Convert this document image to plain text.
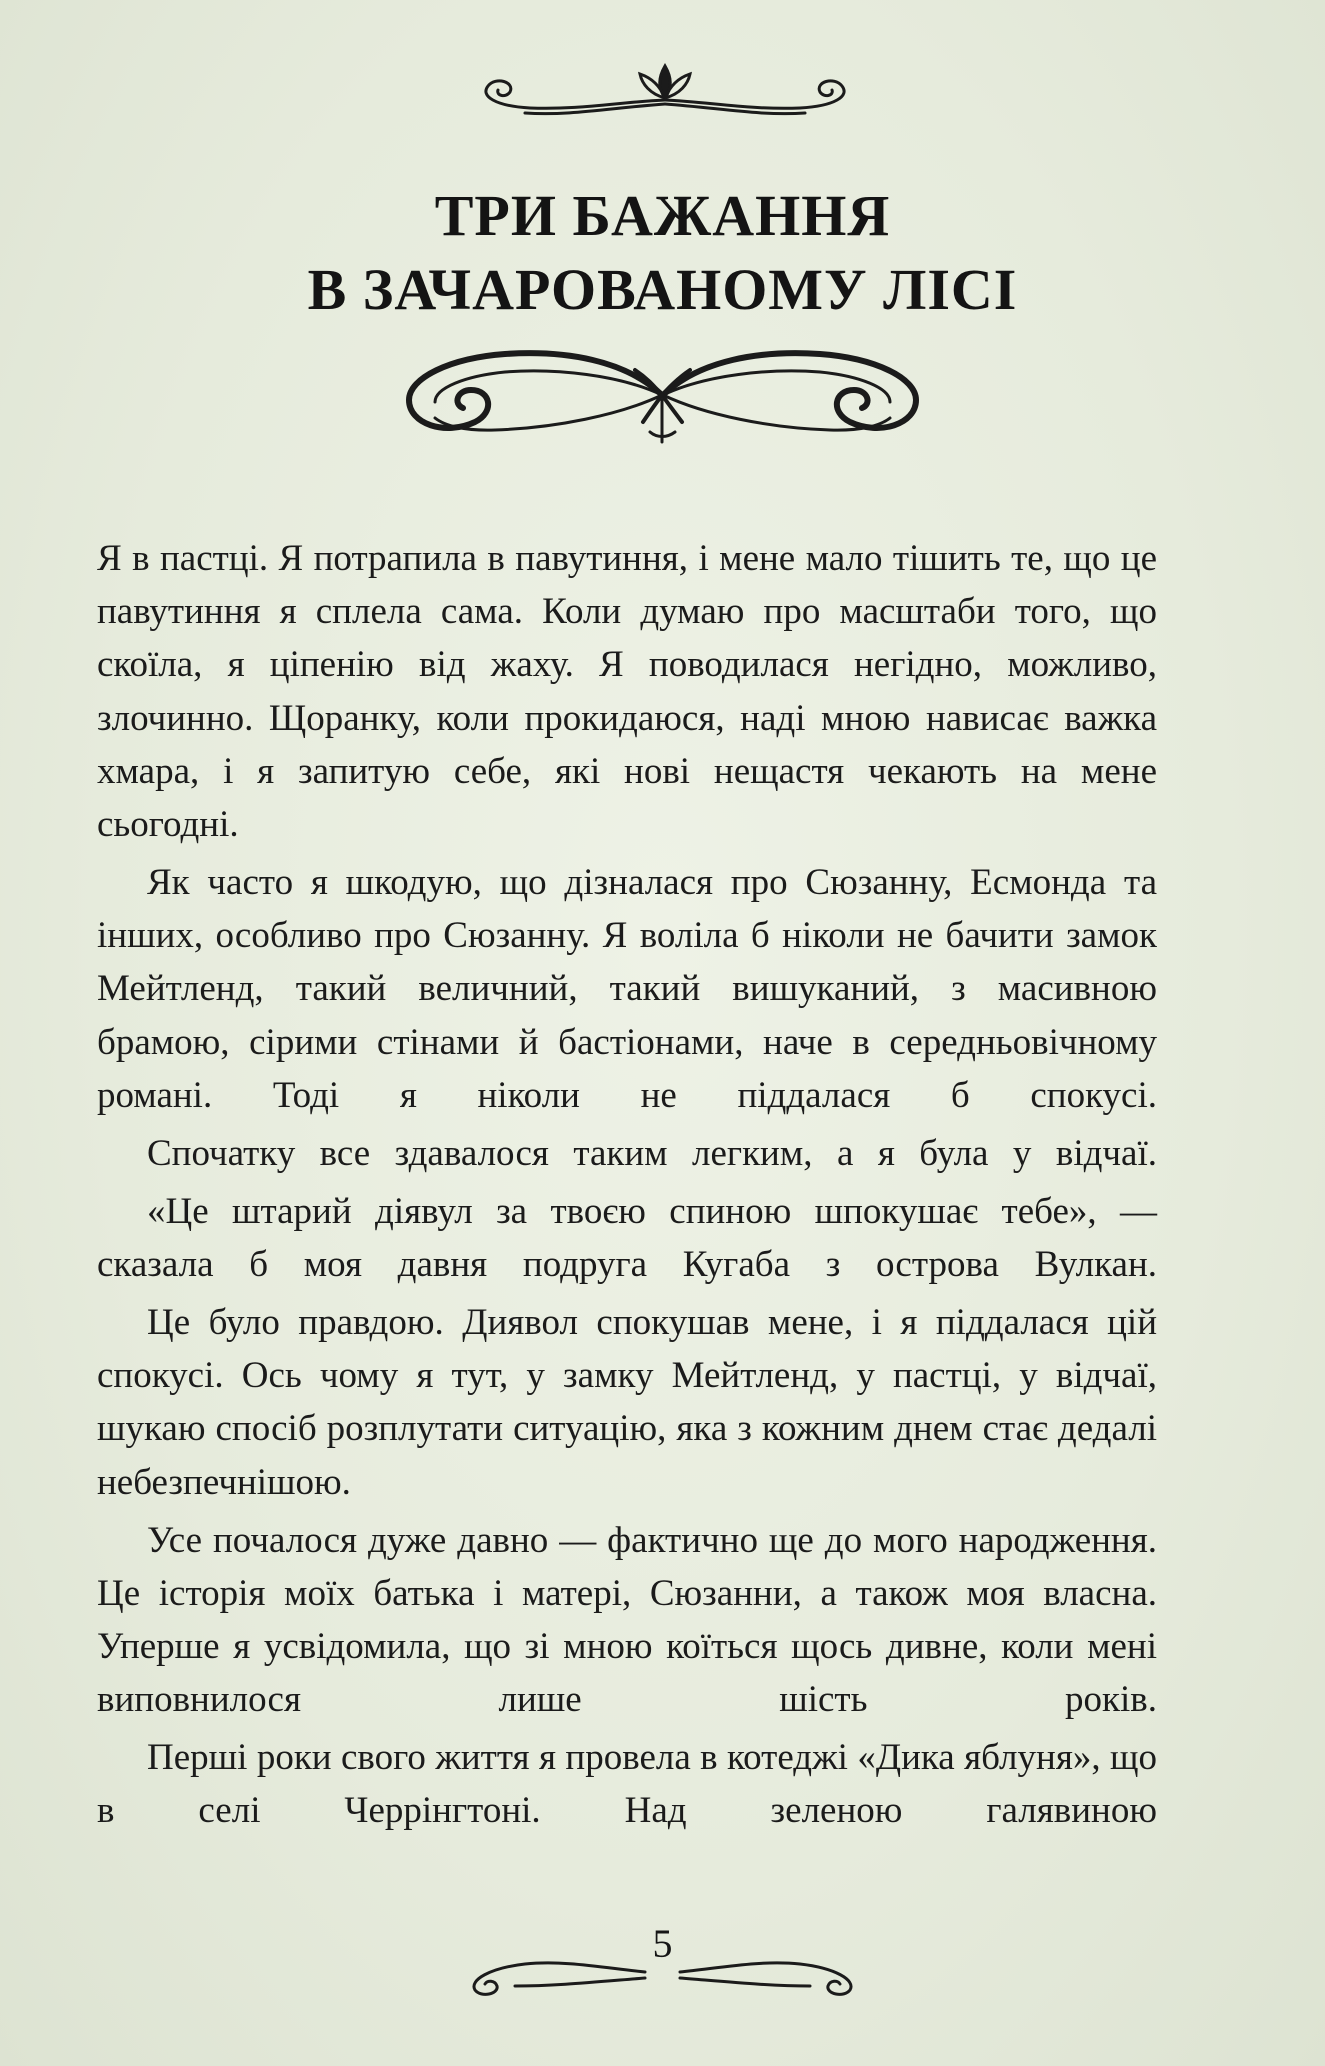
ТРИ БАЖАННЯ
В ЗАЧАРОВАНОМУ ЛІСІ

Я в пастці. Я потрапила в павутиння, і мене мало тішить те, що це павутиння я сплела сама. Коли думаю про масштаби того, що скоїла, я ціпенію від жаху. Я поводилася негідно, можливо, злочинно. Щоранку, коли прокидаюся, наді мною нависає важка хмара, і я запитую себе, які нові нещастя чекають на мене сьогодні.

Як часто я шкодую, що дізналася про Сюзанну, Есмонда та інших, особливо про Сюзанну. Я воліла б ніколи не бачити замок Мейтленд, такий величний, такий вишуканий, з масивною брамою, сірими стінами й бастіонами, наче в середньовічному романі. Тоді я ніколи не піддалася б спокусі.

Спочатку все здавалося таким легким, а я була у відчаї.

«Це штарий діявул за твоєю спиною шпокушає тебе», — сказала б моя давня подруга Кугаба з острова Вулкан.

Це було правдою. Диявол спокушав мене, і я піддалася цій спокусі. Ось чому я тут, у замку Мейтленд, у пастці, у відчаї, шукаю спосіб розплутати ситуацію, яка з кожним днем стає дедалі небезпечнішою.

Усе почалося дуже давно — фактично ще до мого народження. Це історія моїх батька і матері, Сюзанни, а також моя власна. Уперше я усвідомила, що зі мною коїться щось дивне, коли мені виповнилося лише шість років.

Перші роки свого життя я провела в котеджі «Дика яблуня», що в селі Черрінгтоні. Над зеленою галявиною

5
